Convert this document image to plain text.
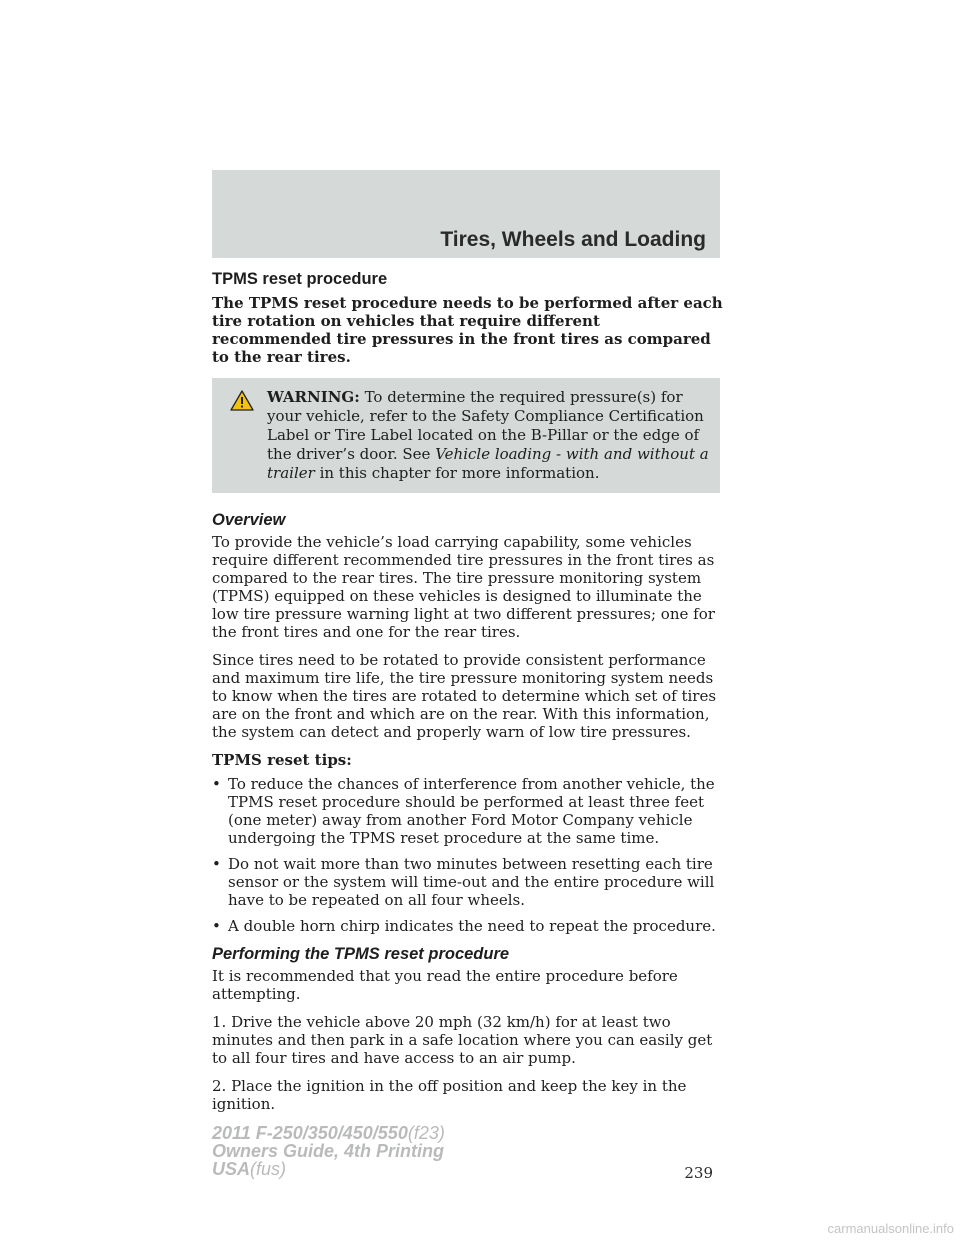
Tires, Wheels and Loading

TPMS reset procedure

The TPMS reset procedure needs to be performed after each tire rotation on vehicles that require different recommended tire pressures in the front tires as compared to the rear tires.

WARNING: To determine the required pressure(s) for your vehicle, refer to the Safety Compliance Certification Label or Tire Label located on the B-Pillar or the edge of the driver’s door. See Vehicle loading - with and without a trailer in this chapter for more information.

Overview

To provide the vehicle’s load carrying capability, some vehicles require different recommended tire pressures in the front tires as compared to the rear tires. The tire pressure monitoring system (TPMS) equipped on these vehicles is designed to illuminate the low tire pressure warning light at two different pressures; one for the front tires and one for the rear tires.

Since tires need to be rotated to provide consistent performance and maximum tire life, the tire pressure monitoring system needs to know when the tires are rotated to determine which set of tires are on the front and which are on the rear. With this information, the system can detect and properly warn of low tire pressures.

TPMS reset tips:

• To reduce the chances of interference from another vehicle, the TPMS reset procedure should be performed at least three feet (one meter) away from another Ford Motor Company vehicle undergoing the TPMS reset procedure at the same time.
• Do not wait more than two minutes between resetting each tire sensor or the system will time-out and the entire procedure will have to be repeated on all four wheels.
• A double horn chirp indicates the need to repeat the procedure.

Performing the TPMS reset procedure

It is recommended that you read the entire procedure before attempting.

1. Drive the vehicle above 20 mph (32 km/h) for at least two minutes and then park in a safe location where you can easily get to all four tires and have access to an air pump.

2. Place the ignition in the off position and keep the key in the ignition.

239
2011 F-250/350/450/550(f23)
Owners Guide, 4th Printing
USA(fus)
carmanualsonline.info
